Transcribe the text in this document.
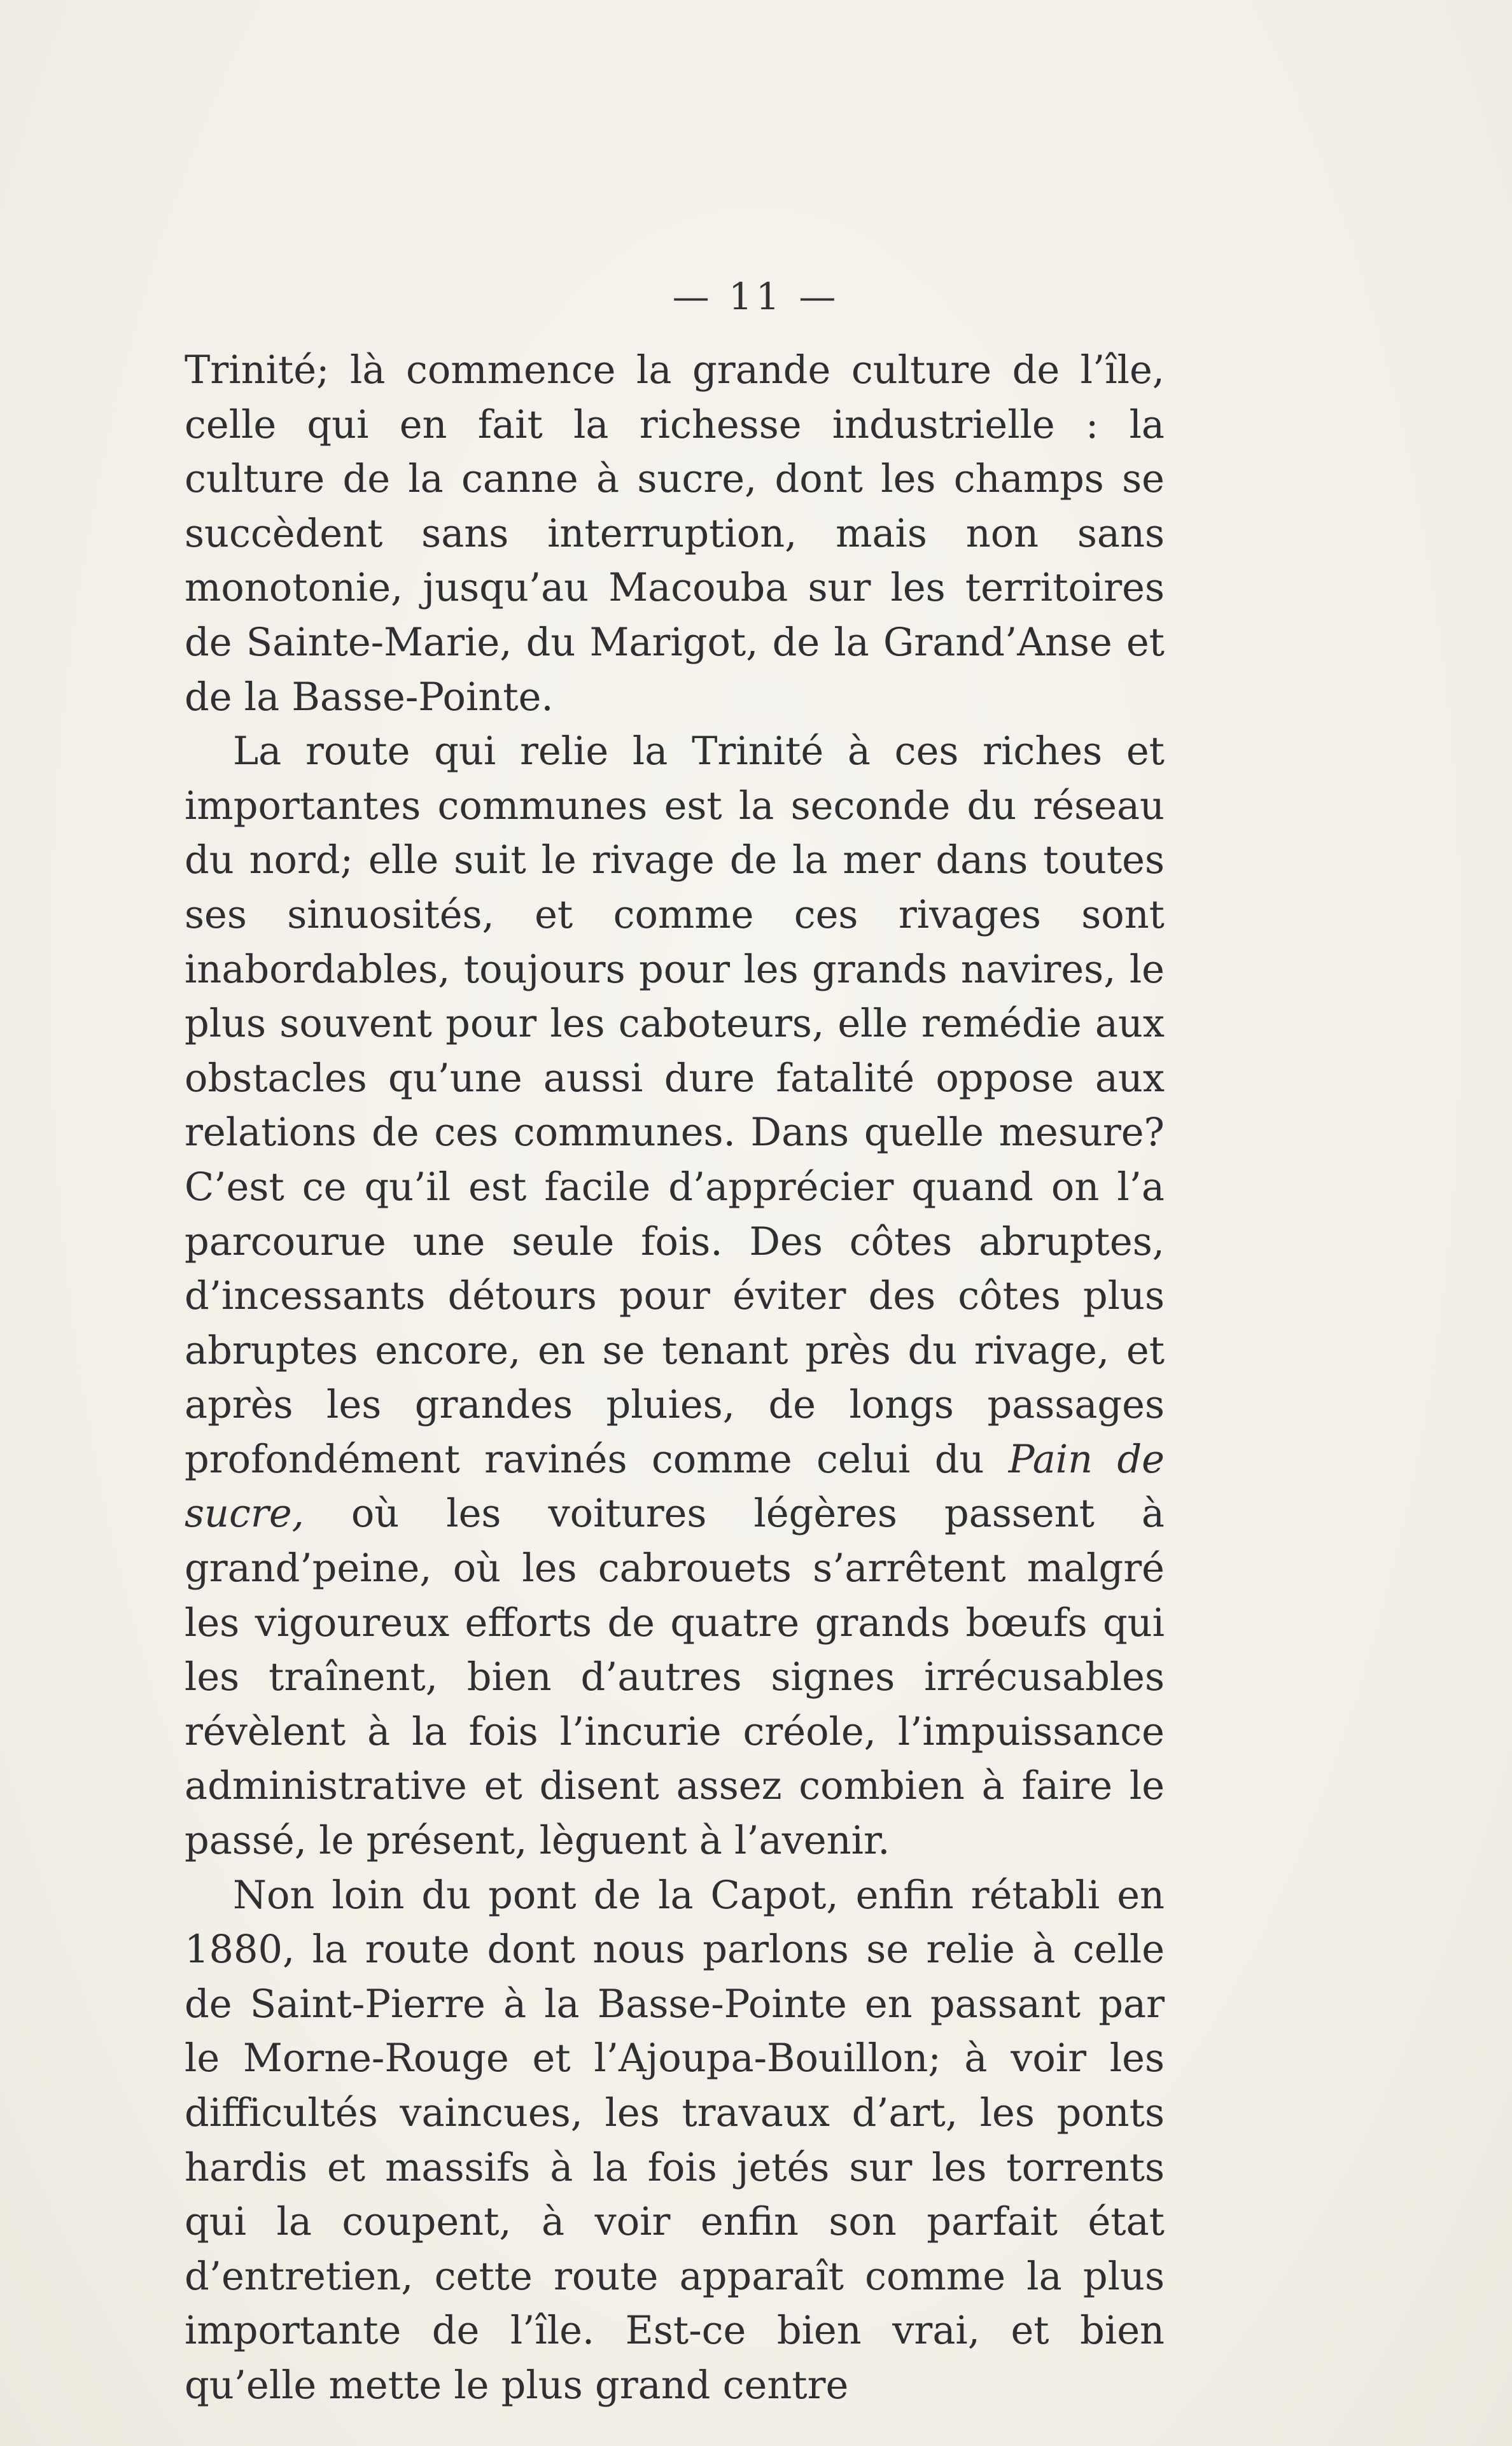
— 11 —

Trinité; là commence la grande culture de l’île, celle qui en fait la richesse industrielle : la culture de la canne à sucre, dont les champs se succèdent sans interruption, mais non sans monotonie, jusqu’au Macouba sur les territoires de Sainte-Marie, du Marigot, de la Grand’Anse et de la Basse-Pointe.

La route qui relie la Trinité à ces riches et importantes communes est la seconde du réseau du nord; elle suit le rivage de la mer dans toutes ses sinuosités, et comme ces rivages sont inabordables, toujours pour les grands navires, le plus souvent pour les caboteurs, elle remédie aux obstacles qu’une aussi dure fatalité oppose aux relations de ces communes. Dans quelle mesure? C’est ce qu’il est facile d’apprécier quand on l’a parcourue une seule fois. Des côtes abruptes, d’incessants détours pour éviter des côtes plus abruptes encore, en se tenant près du rivage, et après les grandes pluies, de longs passages profondément ravinés comme celui du Pain de sucre, où les voitures légères passent à grand’peine, où les cabrouets s’arrêtent malgré les vigoureux efforts de quatre grands bœufs qui les traînent, bien d’autres signes irrécusables révèlent à la fois l’incurie créole, l’impuissance administrative et disent assez combien à faire le passé, le présent, lèguent à l’avenir.

Non loin du pont de la Capot, enfin rétabli en 1880, la route dont nous parlons se relie à celle de Saint-Pierre à la Basse-Pointe en passant par le Morne-Rouge et l’Ajoupa-Bouillon; à voir les difficultés vaincues, les travaux d’art, les ponts hardis et massifs à la fois jetés sur les torrents qui la coupent, à voir enfin son parfait état d’entretien, cette route apparaît comme la plus importante de l’île. Est-ce bien vrai, et bien qu’elle mette le plus grand centre
